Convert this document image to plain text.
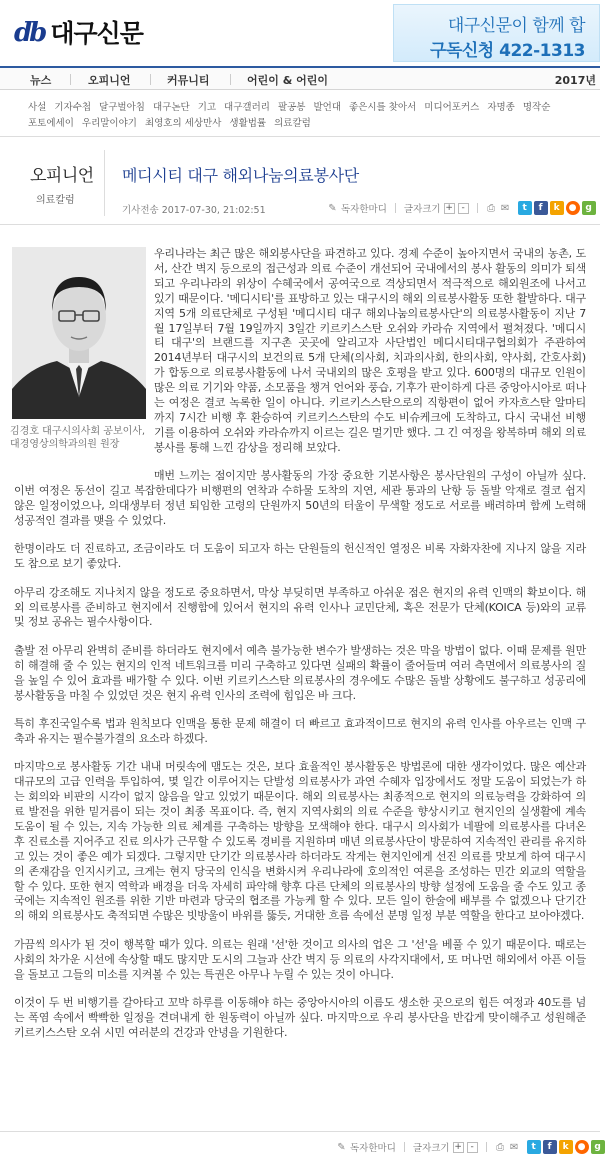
db 대구신문	대구신문이 함께 합
구독신청 422-1313
뉴스	오피니언	커뮤니티	어린이 & 어린이	2017년
사설 기자수첩 달구벌아침 대구논단 기고 대구갤러리 팔공봉 발언대 좋은시를 찾아서 미디어포커스 자명종 명작순
포토에세이 우리말이야기 최영호의 세상만사 생활법률 의료칼럼
오피니언
의료칼럼
메디시티 대구 해외나눔의료봉사단
기사전송 2017-07-30, 21:02:51	✎ 독자한마디 글자크기 + -	⎙ ✉	t	f	k	● g
김경호 대구시의사회 공보이사, 대경영상의학과의원 원장

우리나라는 최근 많은 해외봉사단을 파견하고 있다. 경제 수준이 높아지면서 국내의 농촌, 도서, 산간 벽지 등으로의 접근성과 의료 수준이 개선되어 국내에서의 봉사 활동의 의미가 퇴색되고 우리나라의 위상이 수혜국에서 공여국으로 격상되면서 적극적으로 해외원조에 나서고 있기 때문이다. '메디시티'를 표방하고 있는 대구시의 해외 의료봉사활동 또한 활발하다. 대구지역 5개 의료단체로 구성된 '메디시티 대구 해외나눔의료봉사단'의 의료봉사활동이 지난 7월 17일부터 7월 19일까지 3일간 키르키스스탄 오쉬와 카라슈 지역에서 펼쳐졌다. '메디시티 대구'의 브랜드를 지구촌 곳곳에 알리고자 사단법인 메디시티대구협의회가 주관하여 2014년부터 대구시의 보건의료 5개 단체(의사회, 치과의사회, 한의사회, 약사회, 간호사회)가 합동으로 의료봉사활동에 나서 국내외의 많은 호평을 받고 있다. 600명의 대규모 인원이 많은 의료 기기와 약품, 소모품을 챙겨 언어와 풍습, 기후가 판이하게 다른 중앙아시아로 떠나는 여정은 결코 녹록한 일이 아니다. 키르키스스탄으로의 직항편이 없어 카자흐스탄 알마티까지 7시간 비행 후 환승하여 키르키스스탄의 수도 비슈케크에 도착하고, 다시 국내선 비행기를 이용하여 오쉬와 카라슈까지 이르는 길은 멀기만 했다. 그 긴 여정을 왕복하며 해외 의료봉사를 통해 느낀 감상을 정리해 보았다.

매번 느끼는 점이지만 봉사활동의 가장 중요한 기본사항은 봉사단원의 구성이 아닐까 싶다. 이번 여정은 동선이 길고 복잡한데다가 비행편의 연착과 수하물 도착의 지연, 세관 통과의 난항 등 돌발 악재로 결코 쉽지 않은 일정이었으나, 의대생부터 정년 퇴임한 고령의 단원까지 50년의 터울이 무색할 정도로 서로를 배려하며 함께 노력해 성공적인 결과를 맺을 수 있었다.

한명이라도 더 진료하고, 조금이라도 더 도움이 되고자 하는 단원들의 헌신적인 열정은 비록 자화자찬에 지나지 않을 지라도 참으로 보기 좋았다.

아무리 강조해도 지나치지 않을 정도로 중요하면서, 막상 부딪히면 부족하고 아쉬운 점은 현지의 유력 인맥의 확보이다. 해외 의료봉사를 준비하고 현지에서 진행함에 있어서 현지의 유력 인사나 교민단체, 혹은 전문가 단체(KOICA 등)와의 교류 및 정보 공유는 필수사항이다.

출발 전 아무리 완벽히 준비를 하더라도 현지에서 예측 불가능한 변수가 발생하는 것은 막을 방법이 없다. 이때 문제를 원만히 해결해 줄 수 있는 현지의 인적 네트워크를 미리 구축하고 있다면 실패의 확률이 줄어들며 여러 측면에서 의료봉사의 질을 높일 수 있어 효과를 배가할 수 있다. 이번 키르키스스탄 의료봉사의 경우에도 수많은 돌발 상황에도 불구하고 성공리에 봉사활동을 마칠 수 있었던 것은 현지 유력 인사의 조력에 힘입은 바 크다.

특히 후진국일수록 법과 원칙보다 인맥을 통한 문제 해결이 더 빠르고 효과적이므로 현지의 유력 인사를 아우르는 인맥 구축과 유지는 필수불가결의 요소라 하겠다.

마지막으로 봉사활동 기간 내내 머릿속에 맴도는 것은, 보다 효율적인 봉사활동은 방법론에 대한 생각이었다. 많은 예산과 대규모의 고급 인력을 투입하여, 몇 일간 이루어지는 단발성 의료봉사가 과연 수혜자 입장에서도 정말 도움이 되었는가 하는 회의와 비판의 시각이 없지 않음을 알고 있었기 때문이다. 해외 의료봉사는 최종적으로 현지의 의료능력을 강화하여 의료 발전을 위한 밑거름이 되는 것이 최종 목표이다. 즉, 현지 지역사회의 의료 수준을 향상시키고 현지인의 실생활에 계속 도움이 될 수 있는, 지속 가능한 의료 체계를 구축하는 방향을 모색해야 한다. 대구시 의사회가 네팔에 의료봉사를 다녀온 후 진료소를 지어주고 진료 의사가 근무할 수 있도록 경비를 지원하며 매년 의료봉사단이 방문하여 지속적인 관리를 유지하고 있는 것이 좋은 예가 되겠다. 그렇지만 단기간 의료봉사라 하더라도 작게는 현지인에게 선진 의료를 맛보게 하여 대구시의 존재감을 인지시키고, 크게는 현지 당국의 인식을 변화시켜 우리나라에 호의적인 여론을 조성하는 민간 외교의 역할을 할 수 있다. 또한 현지 역학과 배경을 더욱 자세히 파악해 향후 다른 단체의 의료봉사의 방향 설정에 도움을 줄 수도 있고 종국에는 지속적인 원조를 위한 기반 마련과 당국의 협조를 가능케 할 수 있다. 모든 일이 한술에 배부를 수 없겠으나 단기간의 해외 의료봉사도 축적되면 수많은 빗방울이 바위를 뚫듯, 거대한 흐름 속에선 분명 일정 부분 역할을 한다고 보아야겠다.

가끔씩 의사가 된 것이 행복할 때가 있다. 의료는 원래 '선'한 것이고 의사의 업은 그 '선'을 베풀 수 있기 때문이다. 때로는 사회의 차가운 시선에 속상할 때도 많지만 도시의 그늘과 산간 벽지 등 의료의 사각지대에서, 또 머나먼 해외에서 아픈 이들을 돌보고 그들의 미소를 지켜볼 수 있는 특권은 아무나 누릴 수 있는 것이 아니다.

이것이 두 번 비행기를 갈아타고 꼬박 하루를 이동해야 하는 중앙아시아의 이름도 생소한 곳으로의 힘든 여정과 40도를 넘는 폭염 속에서 빡빡한 일정을 견뎌내게 한 원동력이 아닐까 싶다. 마지막으로 우리 봉사단을 반갑게 맞이해주고 성원해준 키르키스스탄 오쉬 시민 여러분의 건강과 안녕을 기원한다.

✎ 독자한마디 글자크기 + -	⎙ ✉	t	f	k	● g
